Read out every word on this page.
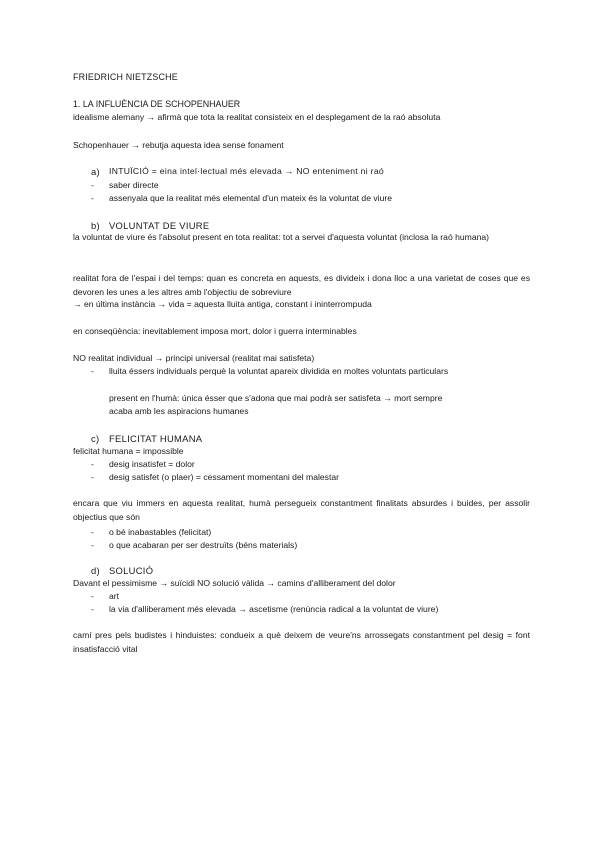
FRIEDRICH NIETZSCHE
1. LA INFLUÈNCIA DE SCHOPENHAUER
idealisme alemany → afirmà que tota la realitat consisteix en el desplegament de la raó absoluta
Schopenhauer → rebutja aquesta idea sense fonament
a) INTUÏCIÓ = eina intel·lectual més elevada → NO enteniment ni raó
- saber directe
- assenyala que la realitat més elemental d'un mateix és la voluntat de viure
b) VOLUNTAT DE VIURE
la voluntat de viure és l'absolut present en tota realitat: tot a servei d'aquesta voluntat (inclosa la raó humana)
realitat fora de l'espai i del temps: quan es concreta en aquests, es divideix i dona lloc a una varietat de coses que es devoren les unes a les altres amb l'objectiu de sobreviure
→ en última instància → vida = aquesta lluita antiga, constant i ininterrompuda
en conseqüència: inevitablement imposa mort, dolor i guerra interminables
NO realitat individual → principi universal (realitat mai satisfeta)
- lluita éssers individuals perquè la voluntat apareix dividida en moltes voluntats particulars
present en l'humà: única ésser que s'adona que mai podrà ser satisfeta → mort sempre
acaba amb les aspiracions humanes
c) FELICITAT HUMANA
felicitat humana = impossible
- desig insatisfet = dolor
- desig satisfet (o plaer) = cessament momentani del malestar
encara que viu immers en aquesta realitat, humà persegueix constantment finalitats absurdes i buides, per assolir objectius que són
- o bé inabastables (felicitat)
- o que acabaran per ser destruïts (béns materials)
d) SOLUCIÓ
Davant el pessimisme → suïcidi NO solució vàlida → camins d'alliberament del dolor
- art
- la via d'alliberament més elevada → ascetisme (renúncia radical a la voluntat de viure)
camí pres pels budistes i hinduistes: condueix a què deixem de veure'ns arrossegats constantment pel desig = font insatisfacció vital
